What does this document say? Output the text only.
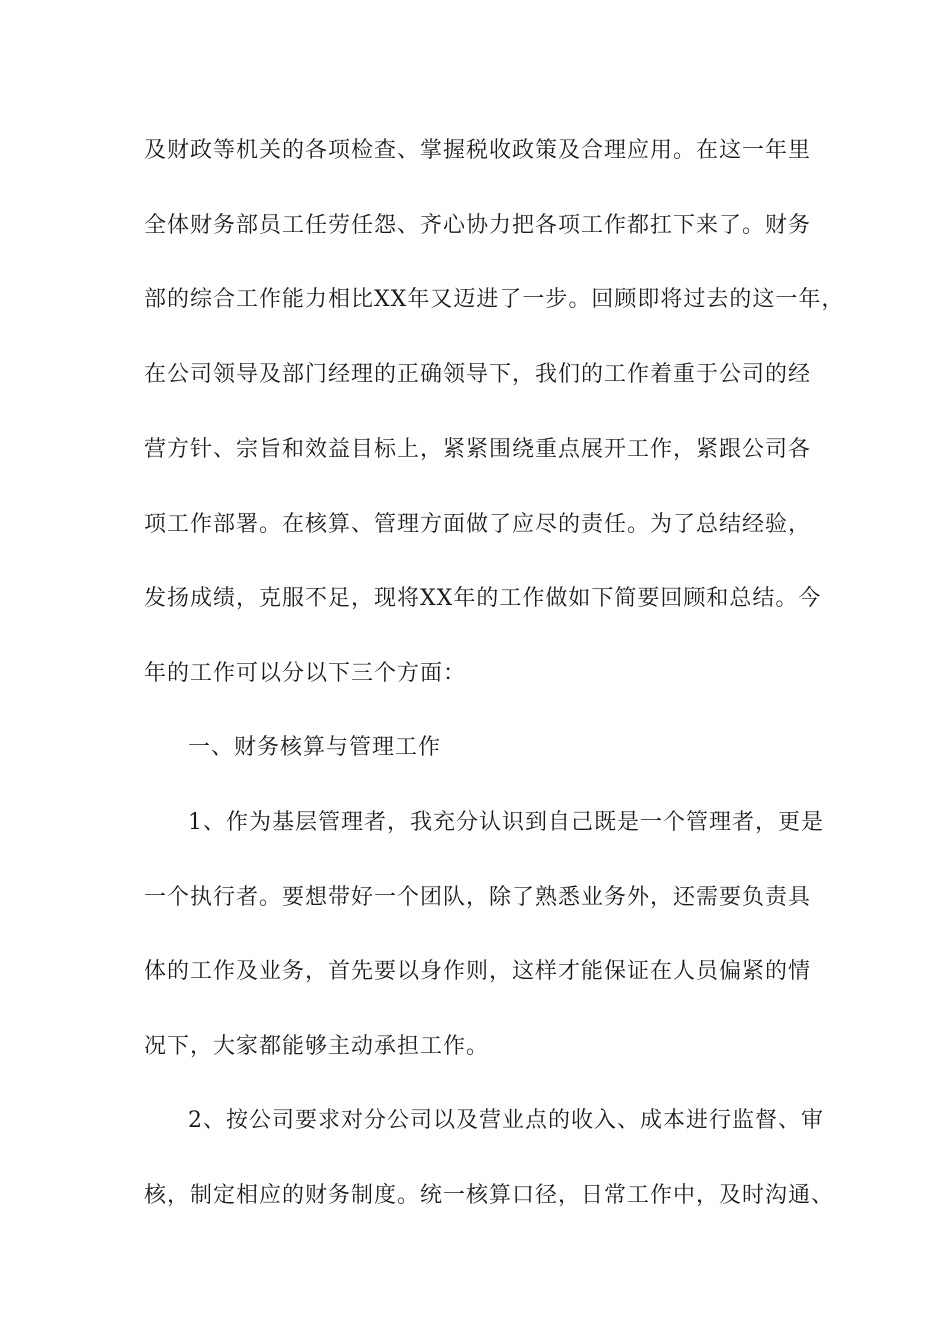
及财政等机关的各项检查、掌握税收政策及合理应用。在这一年里
全体财务部员工任劳任怨、齐心协力把各项工作都扛下来了。财务
部的综合工作能力相比XX年又迈进了一步。回顾即将过去的这一年，
在公司领导及部门经理的正确领导下，我们的工作着重于公司的经
营方针、宗旨和效益目标上，紧紧围绕重点展开工作，紧跟公司各
项工作部署。在核算、管理方面做了应尽的责任。为了总结经验，
发扬成绩，克服不足，现将XX年的工作做如下简要回顾和总结。今
年的工作可以分以下三个方面：
一、财务核算与管理工作
1、作为基层管理者，我充分认识到自己既是一个管理者，更是
一个执行者。要想带好一个团队，除了熟悉业务外，还需要负责具
体的工作及业务，首先要以身作则，这样才能保证在人员偏紧的情
况下，大家都能够主动承担工作。
2、按公司要求对分公司以及营业点的收入、成本进行监督、审
核，制定相应的财务制度。统一核算口径，日常工作中，及时沟通、
